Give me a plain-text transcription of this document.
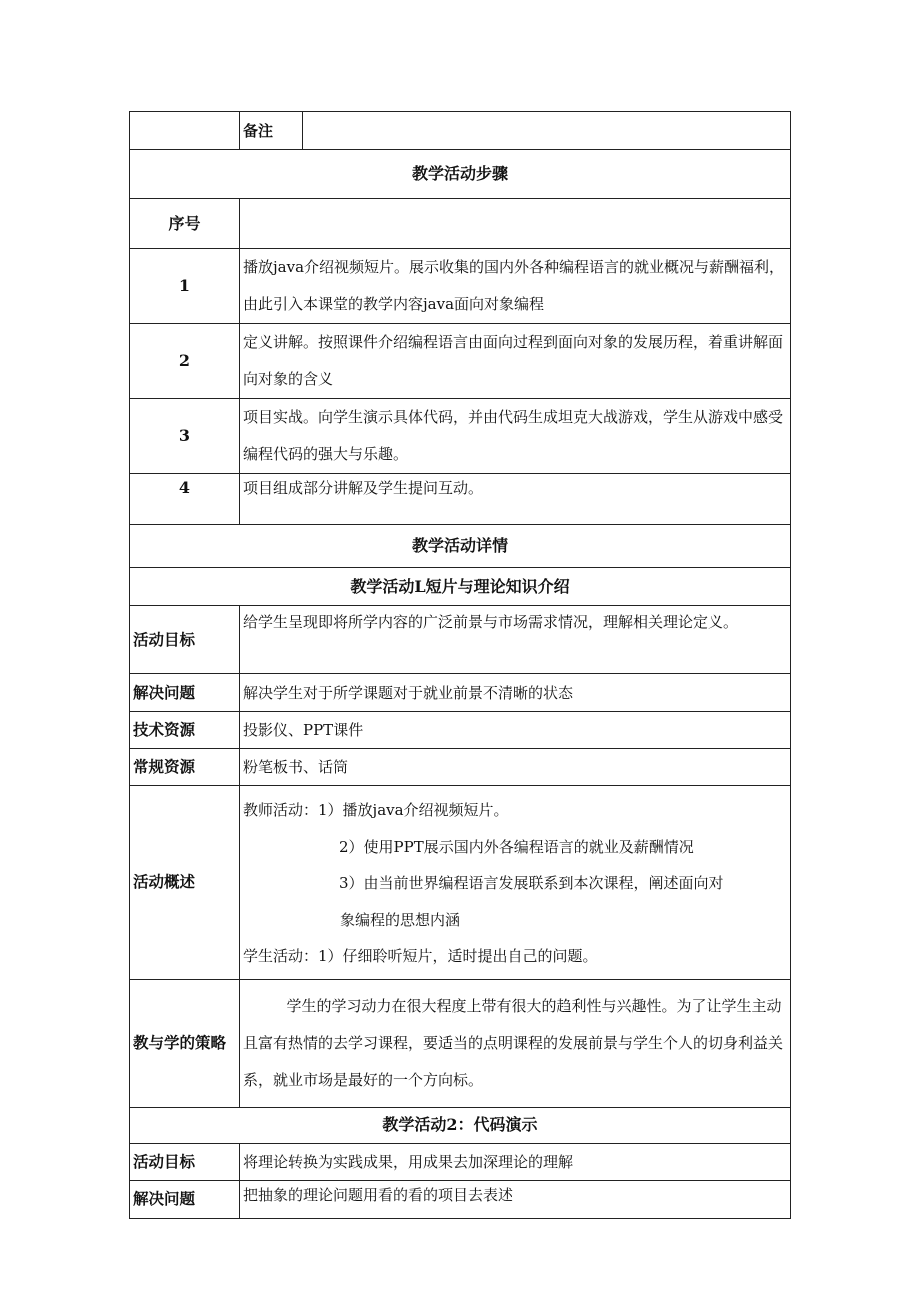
	备注	
教学活动步骤		
序号		
1	播放java介绍视频短片。展示收集的国内外各种编程语言的就业概况与薪酬福利，由此引入本课堂的教学内容java面向对象编程	
2	定义讲解。按照课件介绍编程语言由面向过程到面向对象的发展历程，着重讲解面向对象的含义	
3	项目实战。向学生演示具体代码，并由代码生成坦克大战游戏，学生从游戏中感受编程代码的强大与乐趣。	
4	项目组成部分讲解及学生提问互动。	
教学活动详情		
教学活动L短片与理论知识介绍		
活动目标	给学生呈现即将所学内容的广泛前景与市场需求情况，理解相关理论定义。	
解决问题	解决学生对于所学课题对于就业前景不清晰的状态	
技术资源	投影仪、PPT课件	
常规资源	粉笔板书、话筒	
活动概述	教师活动：1）播放java介绍视频短片。
2）使用PPT展示国内外各编程语言的就业及薪酬情况
3）由当前世界编程语言发展联系到本次课程，阐述面向对
象编程的思想内涵
学生活动：1）仔细聆听短片，适时提出自己的问题。	

教与学的策略	学生的学习动力在很大程度上带有很大的趋利性与兴趣性。为了让学生主动且富有热情的去学习课程，要适当的点明课程的发展前景与学生个人的切身利益关系，就业市场是最好的一个方向标。	
教学活动2：代码演示		
活动目标	将理论转换为实践成果，用成果去加深理论的理解	
解决问题	把抽象的理论问题用看的看的项目去表述	
